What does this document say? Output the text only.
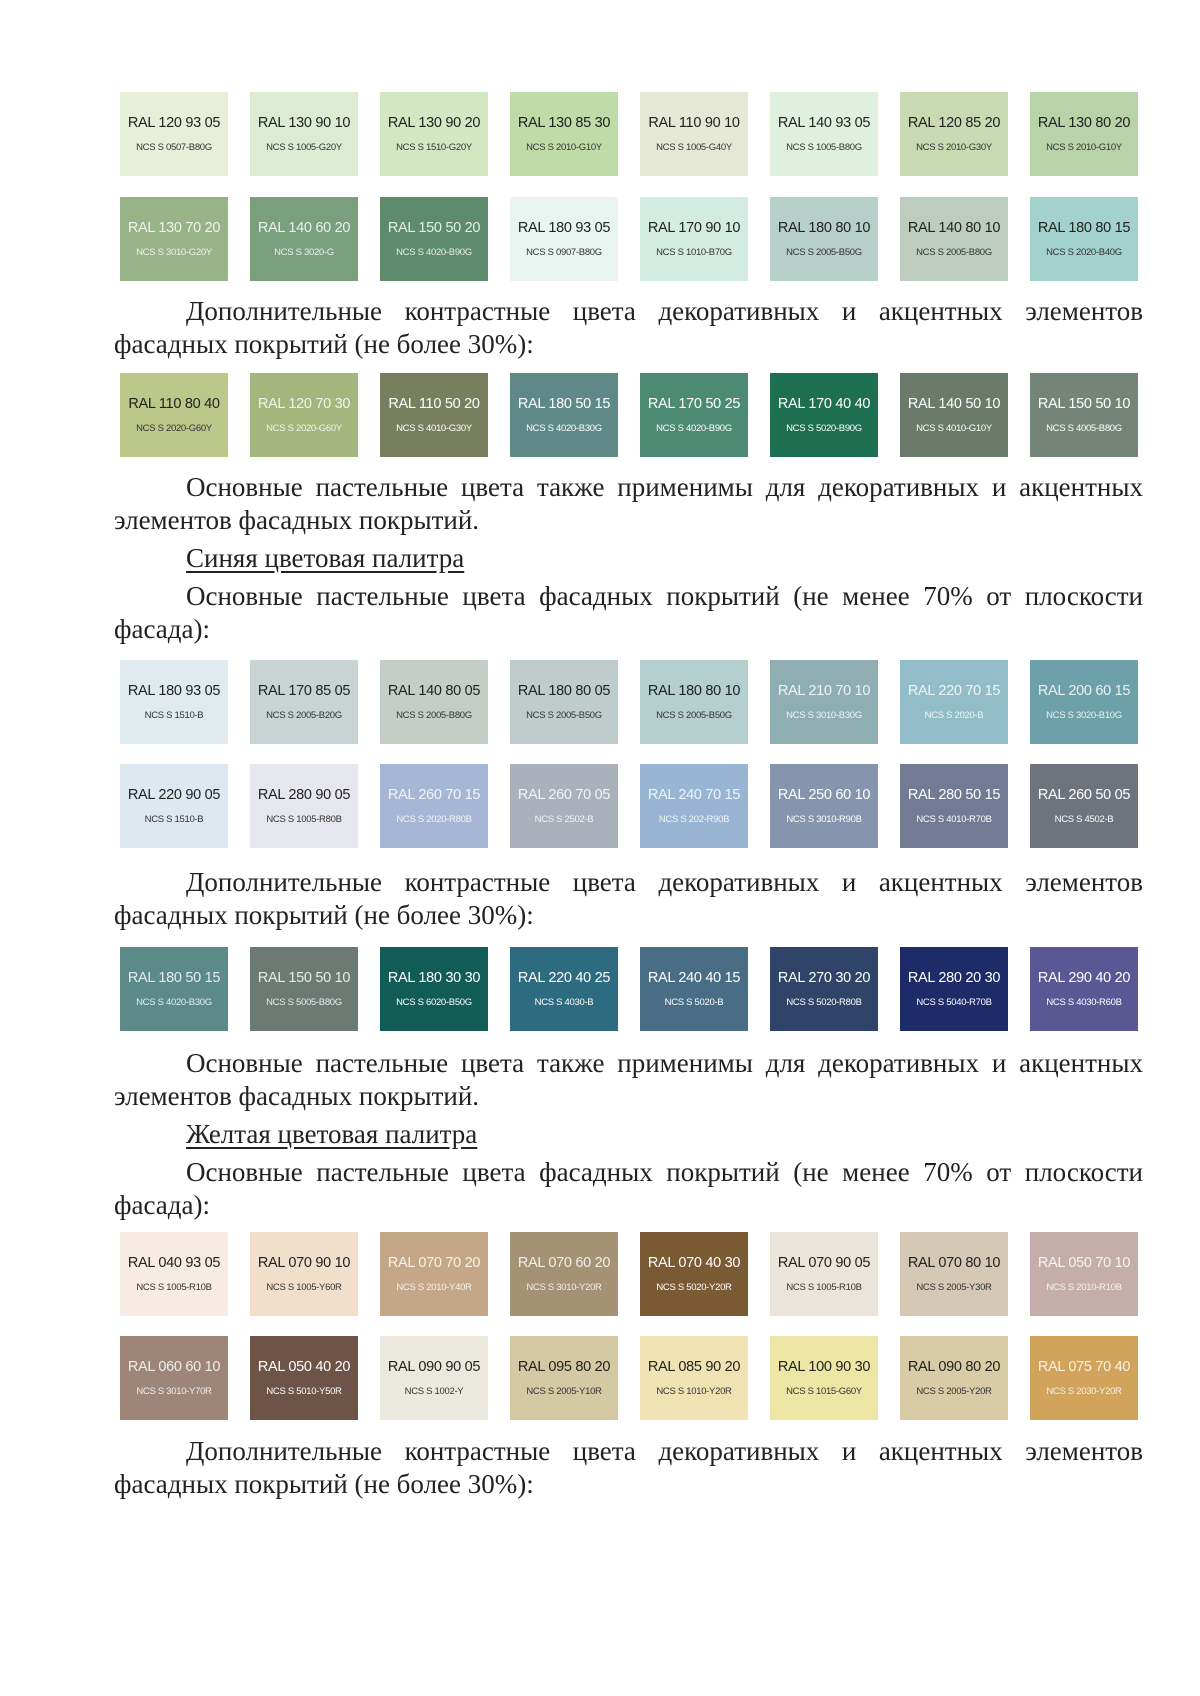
RAL 120 93 05
NCS S 0507-B80G
RAL 130 90 10
NCS S 1005-G20Y
RAL 130 90 20
NCS S 1510-G20Y
RAL 130 85 30
NCS S 2010-G10Y
RAL 110 90 10
NCS S 1005-G40Y
RAL 140 93 05
NCS S 1005-B80G
RAL 120 85 20
NCS S 2010-G30Y
RAL 130 80 20
NCS S 2010-G10Y
RAL 130 70 20
NCS S 3010-G20Y
RAL 140 60 20
NCS S 3020-G
RAL 150 50 20
NCS S 4020-B90G
RAL 180 93 05
NCS S 0907-B80G
RAL 170 90 10
NCS S 1010-B70G
RAL 180 80 10
NCS S 2005-B50G
RAL 140 80 10
NCS S 2005-B80G
RAL 180 80 15
NCS S 2020-B40G
Дополнительные контрастные цвета декоративных и акцентных элементов фасадных покрытий (не более 30%):
RAL 110 80 40
NCS S 2020-G60Y
RAL 120 70 30
NCS S 2020-G60Y
RAL 110 50 20
NCS S 4010-G30Y
RAL 180 50 15
NCS S 4020-B30G
RAL 170 50 25
NCS S 4020-B90G
RAL 170 40 40
NCS S 5020-B90G
RAL 140 50 10
NCS S 4010-G10Y
RAL 150 50 10
NCS S 4005-B80G
Основные пастельные цвета также применимы для декоративных и акцентных элементов фасадных покрытий.
Синяя цветовая палитра
Основные пастельные цвета фасадных покрытий (не менее 70% от плоскости фасада):
RAL 180 93 05
NCS S 1510-B
RAL 170 85 05
NCS S 2005-B20G
RAL 140 80 05
NCS S 2005-B80G
RAL 180 80 05
NCS S 2005-B50G
RAL 180 80 10
NCS S 2005-B50G
RAL 210 70 10
NCS S 3010-B30G
RAL 220 70 15
NCS S 2020-B
RAL 200 60 15
NCS S 3020-B10G
RAL 220 90 05
NCS S 1510-B
RAL 280 90 05
NCS S 1005-R80B
RAL 260 70 15
NCS S 2020-R80B
RAL 260 70 05
NCS S 2502-B
RAL 240 70 15
NCS S 202-R90B
RAL 250 60 10
NCS S 3010-R90B
RAL 280 50 15
NCS S 4010-R70B
RAL 260 50 05
NCS S 4502-B
Дополнительные контрастные цвета декоративных и акцентных элементов фасадных покрытий (не более 30%):
RAL 180 50 15
NCS S 4020-B30G
RAL 150 50 10
NCS S 5005-B80G
RAL 180 30 30
NCS S 6020-B50G
RAL 220 40 25
NCS S 4030-B
RAL 240 40 15
NCS S 5020-B
RAL 270 30 20
NCS S 5020-R80B
RAL 280 20 30
NCS S 5040-R70B
RAL 290 40 20
NCS S 4030-R60B
Основные пастельные цвета также применимы для декоративных и акцентных элементов фасадных покрытий.
Желтая цветовая палитра
Основные пастельные цвета фасадных покрытий (не менее 70% от плоскости фасада):
RAL 040 93 05
NCS S 1005-R10B
RAL 070 90 10
NCS S 1005-Y60R
RAL 070 70 20
NCS S 2010-Y40R
RAL 070 60 20
NCS S 3010-Y20R
RAL 070 40 30
NCS S 5020-Y20R
RAL 070 90 05
NCS S 1005-R10B
RAL 070 80 10
NCS S 2005-Y30R
RAL 050 70 10
NCS S 2010-R10B
RAL 060 60 10
NCS S 3010-Y70R
RAL 050 40 20
NCS S 5010-Y50R
RAL 090 90 05
NCS S 1002-Y
RAL 095 80 20
NCS S 2005-Y10R
RAL 085 90 20
NCS S 1010-Y20R
RAL 100 90 30
NCS S 1015-G60Y
RAL 090 80 20
NCS S 2005-Y20R
RAL 075 70 40
NCS S 2030-Y20R
Дополнительные контрастные цвета декоративных и акцентных элементов фасадных покрытий (не более 30%):
